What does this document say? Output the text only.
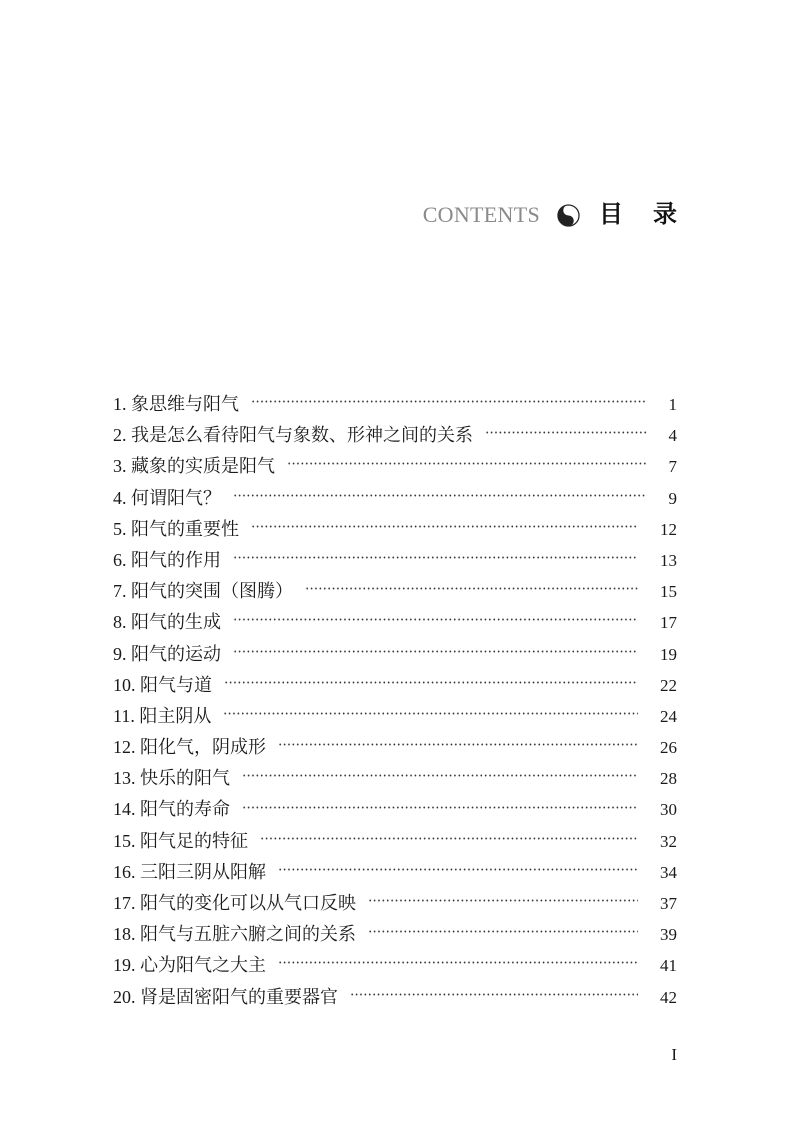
CONTENTS 目 录
1. 象思维与阳气	1
2. 我是怎么看待阳气与象数、形神之间的关系	4
3. 藏象的实质是阳气	7
4. 何谓阳气？	9
5. 阳气的重要性	12
6. 阳气的作用	13
7. 阳气的突围（图腾）	15
8. 阳气的生成	17
9. 阳气的运动	19
10. 阳气与道	22
11. 阳主阴从	24
12. 阳化气，阴成形	26
13. 快乐的阳气	28
14. 阳气的寿命	30
15. 阳气足的特征	32
16. 三阳三阴从阳解	34
17. 阳气的变化可以从气口反映	37
18. 阳气与五脏六腑之间的关系	39
19. 心为阳气之大主	41
20. 肾是固密阳气的重要器官	42
I
